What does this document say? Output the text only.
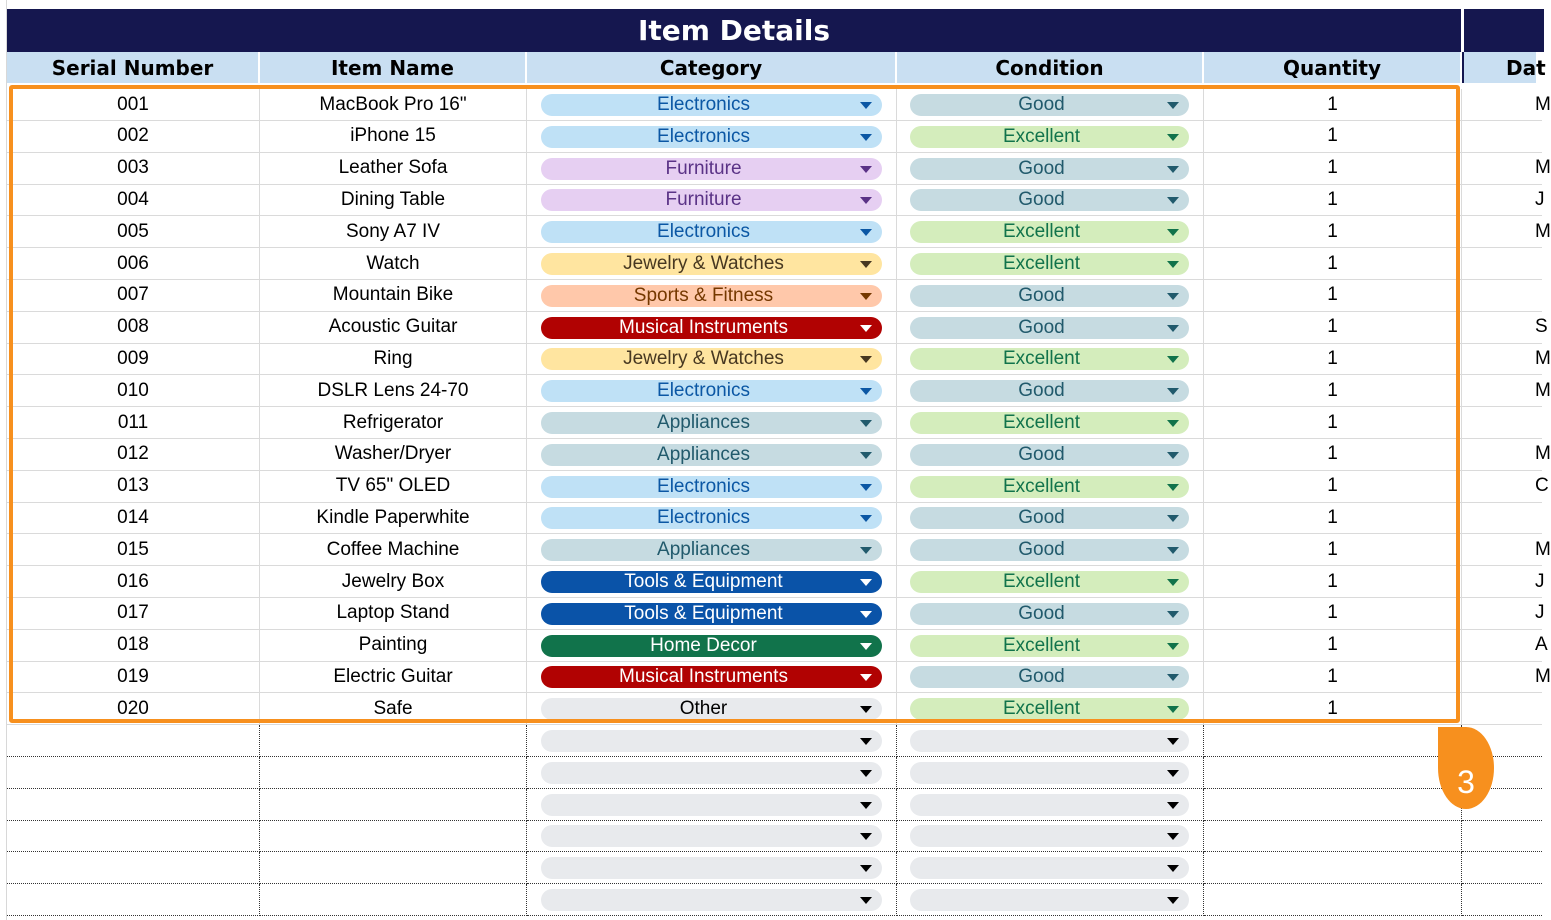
Item Details
Serial Number	Item Name	Category	Condition	Quantity	Dat
001	MacBook Pro 16"	Electronics	Good	1	M
002	iPhone 15	Electronics	Excellent	1
003	Leather Sofa	Furniture	Good	1	M
004	Dining Table	Furniture	Good	1	J
005	Sony A7 IV	Electronics	Excellent	1	M
006	Watch	Jewelry & Watches	Excellent	1
007	Mountain Bike	Sports & Fitness	Good	1
008	Acoustic Guitar	Musical Instruments	Good	1	S
009	Ring	Jewelry & Watches	Excellent	1	M
010	DSLR Lens 24-70	Electronics	Good	1	M
011	Refrigerator	Appliances	Excellent	1
012	Washer/Dryer	Appliances	Good	1	M
013	TV 65" OLED	Electronics	Excellent	1	C
014	Kindle Paperwhite	Electronics	Good	1
015	Coffee Machine	Appliances	Good	1	M
016	Jewelry Box	Tools & Equipment	Excellent	1	J
017	Laptop Stand	Tools & Equipment	Good	1	J
018	Painting	Home Decor	Excellent	1	A
019	Electric Guitar	Musical Instruments	Good	1	M
020	Safe	Other	Excellent	1
3
